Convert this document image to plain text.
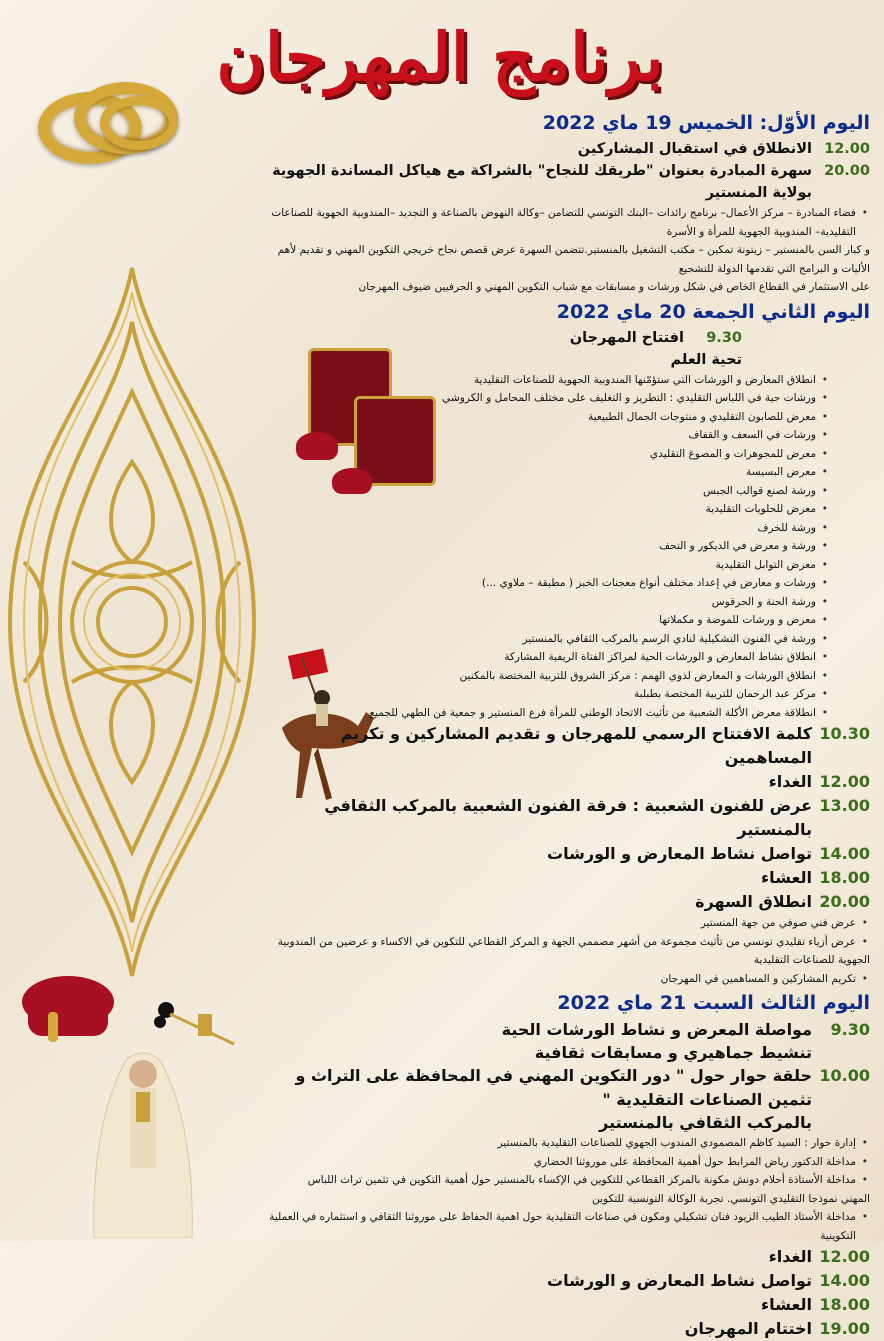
برنامج المهرجان
اليوم الأوّل: الخميس 19 ماي 2022
12.00
الانطلاق في استقبال المشاركين
20.00
سهرة المبادرة بعنوان "طريقك للنجاح" بالشراكة مع هياكل المساندة الجهوية بولاية المنستير
• فضاء المبادرة – مركز الأعمال– برنامج رائدات –البنك التونسي للتضامن –وكالة النهوض بالصناعة و التجديد –المندوبية الجهوية للصناعات التقليدية– المندوبية الجهوية للمرأة و الأسرة
و كبار السن بالمنستير – زيتونة تمكين – مكتب التشغيل بالمنستير.تتضمن السهرة عرض قصص نجاح خريجي التكوين المهني و تقديم لأهم الأليات و البرامج التي تقدمها الدولة للتشجيع
على الاستثمار في القطاع الخاص في شكل ورشات و مسابقات مع شباب التكوين المهني و الحرفيين ضيوف المهرجان
اليوم الثاني الجمعة 20 ماي 2022
9.30
افتتاح المهرجان
تحية العلم
• انطلاق المعارض و الورشات التي ستؤمّنها المندوبية الجهوية للصناعات التقليدية
• ورشات حية في اللباس التقليدي : التطريز و التغليف على مختلف المحامل و الكروشي
• معرض للصابون التقليدي و منتوجات الجمال الطبيعية
• ورشات في السعف و القفاف
• معرض للمجوهرات و المصوغ التقليدي
• معرض البسيسة
• ورشة لصنع قوالب الجبس
• معرض للحلويات التقليدية
• ورشة للخرف
• ورشة و معرض في الديكور و التحف
• معرض التوابل التقليدية
• ورشات و معارض في إعداد مختلف أنواع معجنات الخبز ( مطبقة – ملاوي ...)
• ورشة الحنة و الحرقوس
• معرض و ورشات للموضة و مكملاتها
• ورشة في الفنون التشكيلية لنادي الرسم بالمركب الثقافي بالمنستير
• انطلاق نشاط المعارض و الورشات الحية لمراكز الفتاة الريفية المشاركة
• انطلاق الورشات و المعارض لذوي الهمم : مركز الشروق للتربية المختصة بالمكنين
• مركز عبد الرحمان للتربية المختصة بطبلبة
• انطلاقة معرض الأكلة الشعبية من تأثيث الاتحاد الوطني للمرأة فرع المنستير و جمعية فن الطهي للجميع
10.30
كلمة الافتتاح الرسمي للمهرجان و تقديم المشاركين و تكريم المساهمين
12.00
الغداء
13.00
عرض للفنون الشعبية : فرقة الفنون الشعبية بالمركب الثقافي بالمنستير
14.00
تواصل نشاط المعارض و الورشات
18.00
العشاء
20.00
انطلاق السهرة
• عرض فني صوفي من جهة المنستير
• عرض أزياء تقليدي تونسي من تأثيث مجموعة من أشهر مصممي الجهة و المركز القطاعي للتكوين في الاكساء و عرضين من المندوبية
الجهوية للصناعات التقليدية
• تكريم المشاركين و المساهمين في المهرجان
اليوم الثالث السبت 21 ماي 2022
9.30
مواصلة المعرض و نشاط الورشات الحية
تنشيط جماهيري و مسابقات ثقافية
10.00
حلقة حوار حول " دور التكوين المهني في المحافظة على التراث و تثمين الصناعات التقليدية "
بالمركب الثقافي بالمنستير
• إدارة حوار : السيد كاظم المصمودي المندوب الجهوي للصناعات التقليدية بالمنستير
• مداخلة الدكتور رياض المرابط حول أهمية المحافظة على موروثنا الحضاري
• مداخلة الأستاذة أحلام دونش مكونة بالمركز القطاعي للتكوين في الإكساء بالمنستير حول أهمية التكوين في تثمين تراث اللباس
المهني نموذجا التقليدي التونسي. تجربة الوكالة التونسية للتكوين
• مداخلة الأستاذ الطيب الزيود فنان تشكيلي ومكون في صناعات التقليدية حول اهمية الحفاظ على موروثنا الثقافي و استثماره في العملية التكوينية
12.00
الغداء
14.00
تواصل نشاط المعارض و الورشات
18.00
العشاء
19.00
اختتام المهرجان
